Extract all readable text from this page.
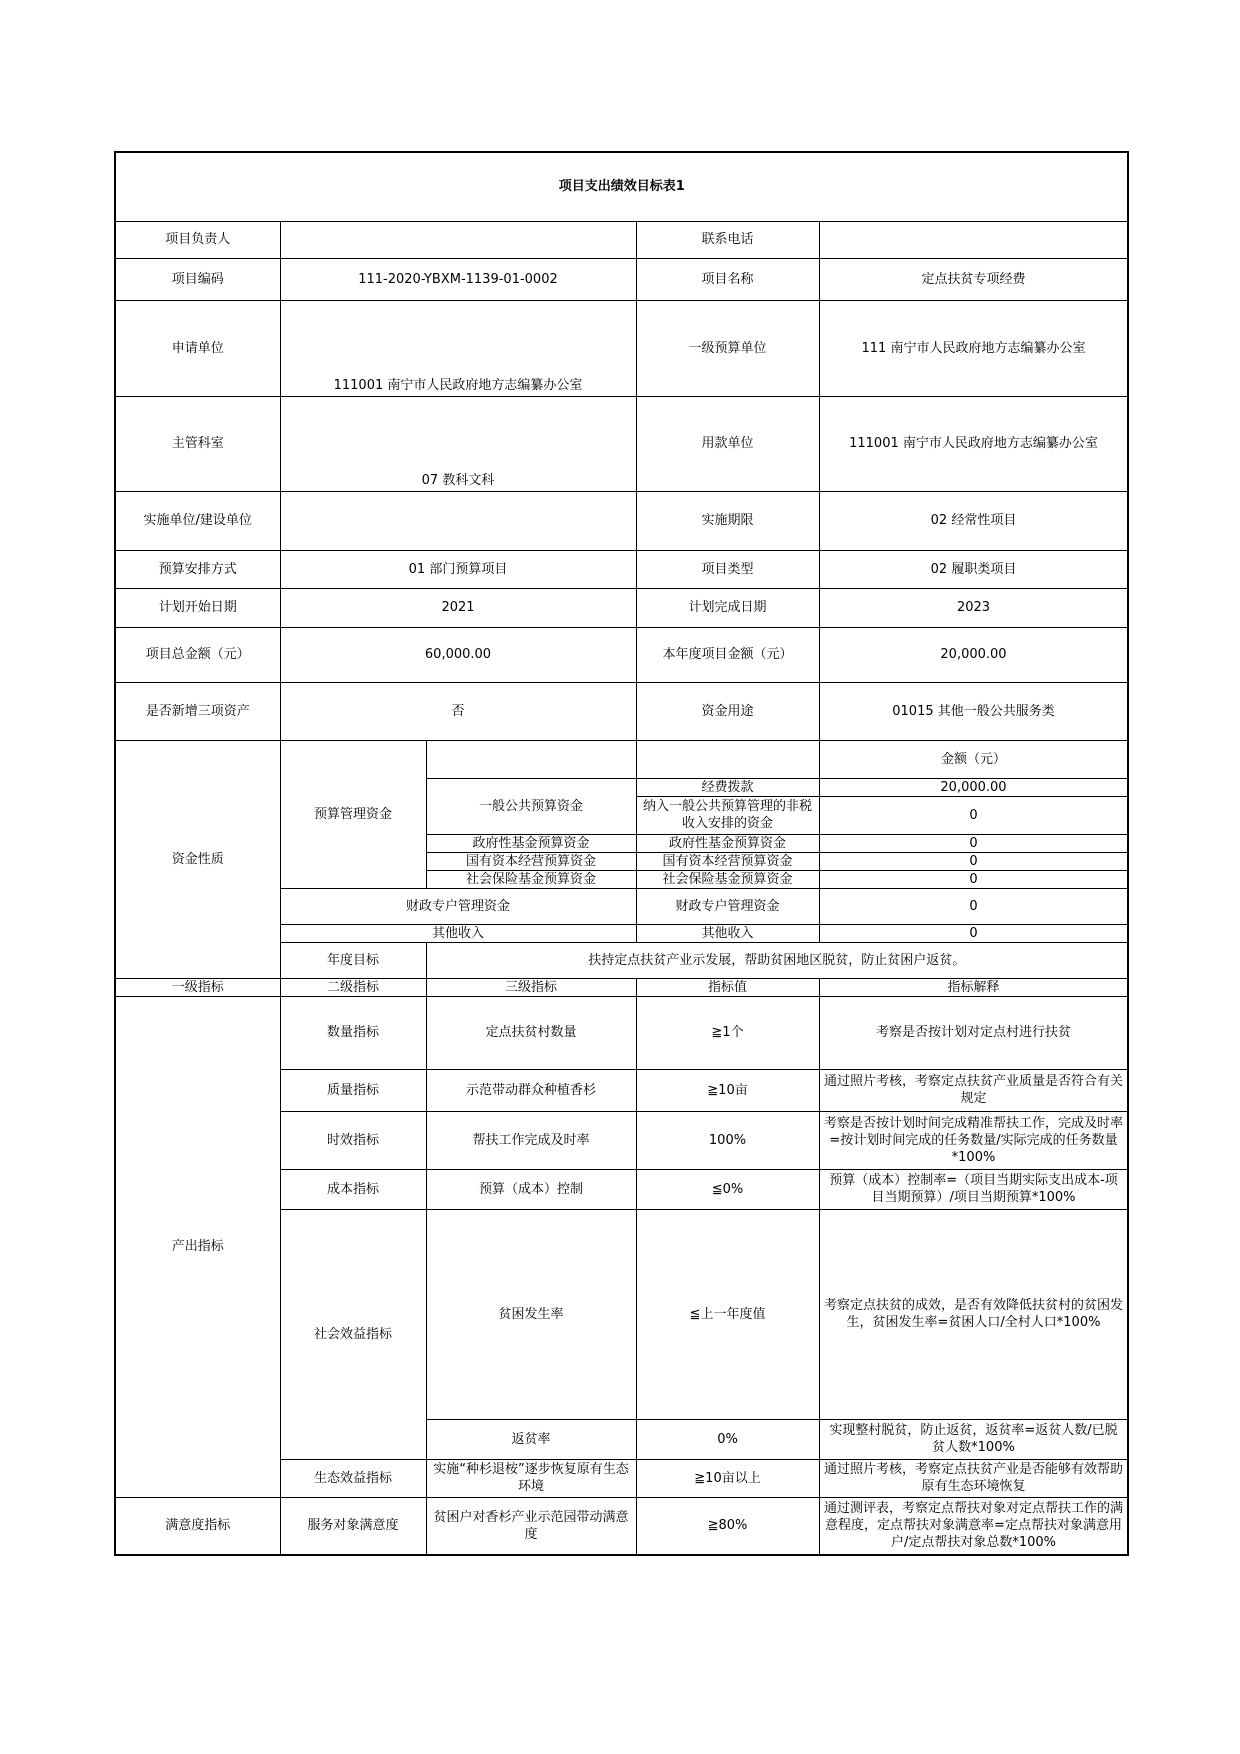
项目支出绩效目标表1				
项目负责人			联系电话	
项目编码	111-2020-YBXM-1139-01-0002		项目名称	定点扶贫专项经费
申请单位	111001 南宁市人民政府地方志编纂办公室		一级预算单位	111 南宁市人民政府地方志编纂办公室
主管科室	07 教科文科		用款单位	111001 南宁市人民政府地方志编纂办公室
实施单位/建设单位			实施期限	02 经常性项目
预算安排方式	01 部门预算项目		项目类型	02 履职类项目
计划开始日期	2021		计划完成日期	2023
项目总金额（元）	60,000.00		本年度项目金额（元）	20,000.00
是否新增三项资产	否		资金用途	01015 其他一般公共服务类
资金性质	预算管理资金			金额（元）
		一般公共预算资金	经费拨款	20,000.00
			纳入一般公共预算管理的非税收入安排的资金	0
		政府性基金预算资金	政府性基金预算资金	0
		国有资本经营预算资金	国有资本经营预算资金	0
		社会保险基金预算资金	社会保险基金预算资金	0
	财政专户管理资金		财政专户管理资金	0
	其他收入		其他收入	0
	年度目标	扶持定点扶贫产业示发展，帮助贫困地区脱贫，防止贫困户返贫。		
一级指标	二级指标	三级指标	指标值	指标解释
产出指标	数量指标	定点扶贫村数量	≧1个	考察是否按计划对定点村进行扶贫
	质量指标	示范带动群众种植香杉	≧10亩	通过照片考核，考察定点扶贫产业质量是否符合有关规定
	时效指标	帮扶工作完成及时率	100%	考察是否按计划时间完成精准帮扶工作，完成及时率=按计划时间完成的任务数量/实际完成的任务数量*100%
	成本指标	预算（成本）控制	≦0%	预算（成本）控制率=（项目当期实际支出成本-项目当期预算）/项目当期预算*100%
	社会效益指标	贫困发生率	≦上一年度值	考察定点扶贫的成效，是否有效降低扶贫村的贫困发生，贫困发生率=贫困人口/全村人口*100%
		返贫率	0%	实现整村脱贫，防止返贫，返贫率=返贫人数/已脱贫人数*100%
	生态效益指标	实施“种杉退桉”逐步恢复原有生态环境	≧10亩以上	通过照片考核，考察定点扶贫产业是否能够有效帮助原有生态环境恢复
满意度指标	服务对象满意度	贫困户对香杉产业示范园带动满意度	≧80%	通过测评表，考察定点帮扶对象对定点帮扶工作的满意程度，定点帮扶对象满意率=定点帮扶对象满意用户/定点帮扶对象总数*100%
